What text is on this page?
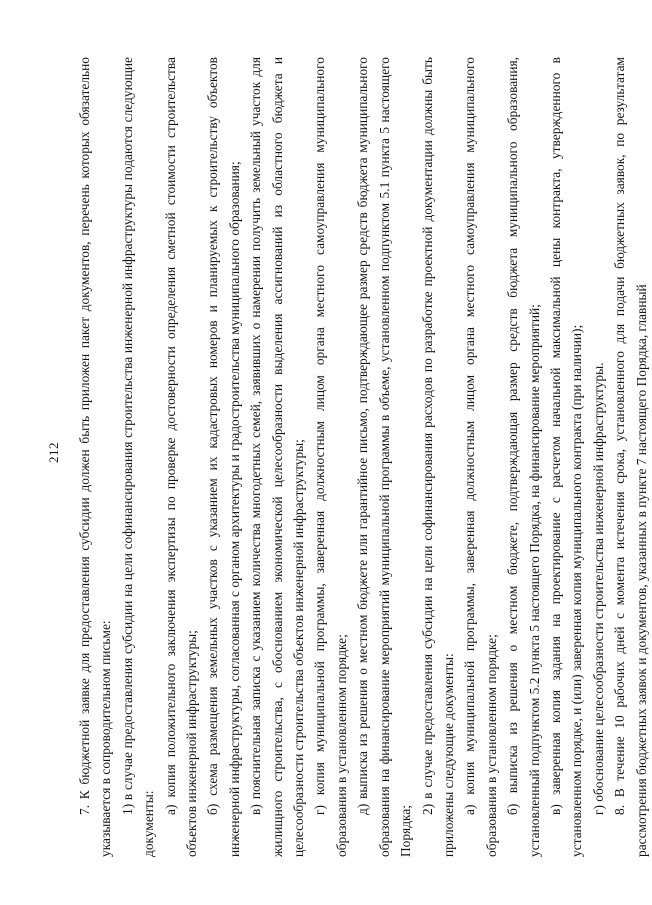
212 7. К бюджетной заявке для предоставления субсидии должен быть приложен пакет документов, перечень которых обязательно указывается в сопроводительном письме: 1) в случае предоставления субсидии на цели софинансирования строительства инженерной инфраструктуры подаются следующие документы:

а) копия положительного заключения экспертизы по проверке достоверности определения сметной стоимости строительства объектов инженерной инфраструктуры; б) схема размещения земельных участков с указанием их кадастровых номеров и планируемых к строительству объектов инженерной инфраструктуры, согласованная с органом архитектуры и градостроительства муниципального образования; в) пояснительная записка с указанием количества многодетных семей, заявивших о намерении получить земельный участок для жилищного строительства, с обоснованием экономической целесообразности выделения ассигнований из областного бюджета и целесообразности строительства объектов инженерной инфраструктуры; г) копия муниципальной программы, заверенная должностным лицом органа местного самоуправления муниципального образования в установленном порядке; д) выписка из решения о местном бюджете или гарантийное письмо, подтверждающее размер средств бюджета муниципального образования на финансирование мероприятий муниципальной программы в объеме, установленном подпунктом 5.1 пункта 5 настоящего Порядка;

2) в случае предоставления субсидии на цели софинансирования расходов по разработке проектной документации должны быть приложены следующие документы: а) копия муниципальной программы, заверенная должностным лицом органа местного самоуправления муниципального образования в установленном порядке; б) выписка из решения о местном бюджете, подтверждающая размер средств бюджета муниципального образования, установленный подпунктом 5.2 пункта 5 настоящего Порядка, на финансирование мероприятий; в) заверенная копия задания на проектирование с расчетом начальной максимальной цены контракта, утвержденного в установленном порядке, и (или) заверенная копия муниципального контракта (при наличии); г) обоснование целесообразности строительства инженерной инфраструктуры. 8. В течение 10 рабочих дней с момента истечения срока, установленного для подачи бюджетных заявок, по результатам рассмотрения бюджетных заявок и документов, указанных в пункте 7 настоящего Порядка, главный
